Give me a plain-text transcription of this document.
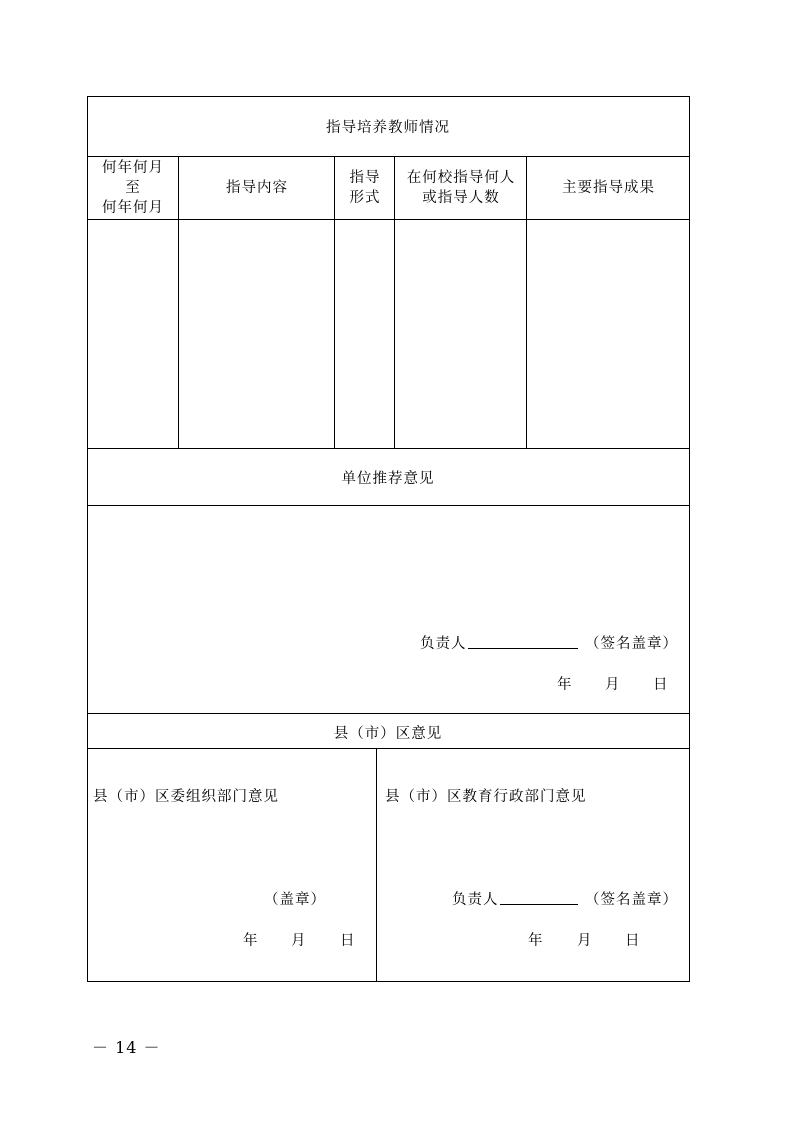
指导培养教师情况
何年何月
至
何年何月
指导内容
指导
形式
在何校指导何人
或指导人数
主要指导成果
单位推荐意见
负责人	（签名盖章）
年 月 日
县（市）区意见
县（市）区委组织部门意见
（盖章）
年 月 日
县（市）区教育行政部门意见
负责人	（签名盖章）
年 月 日
－ 14 －
